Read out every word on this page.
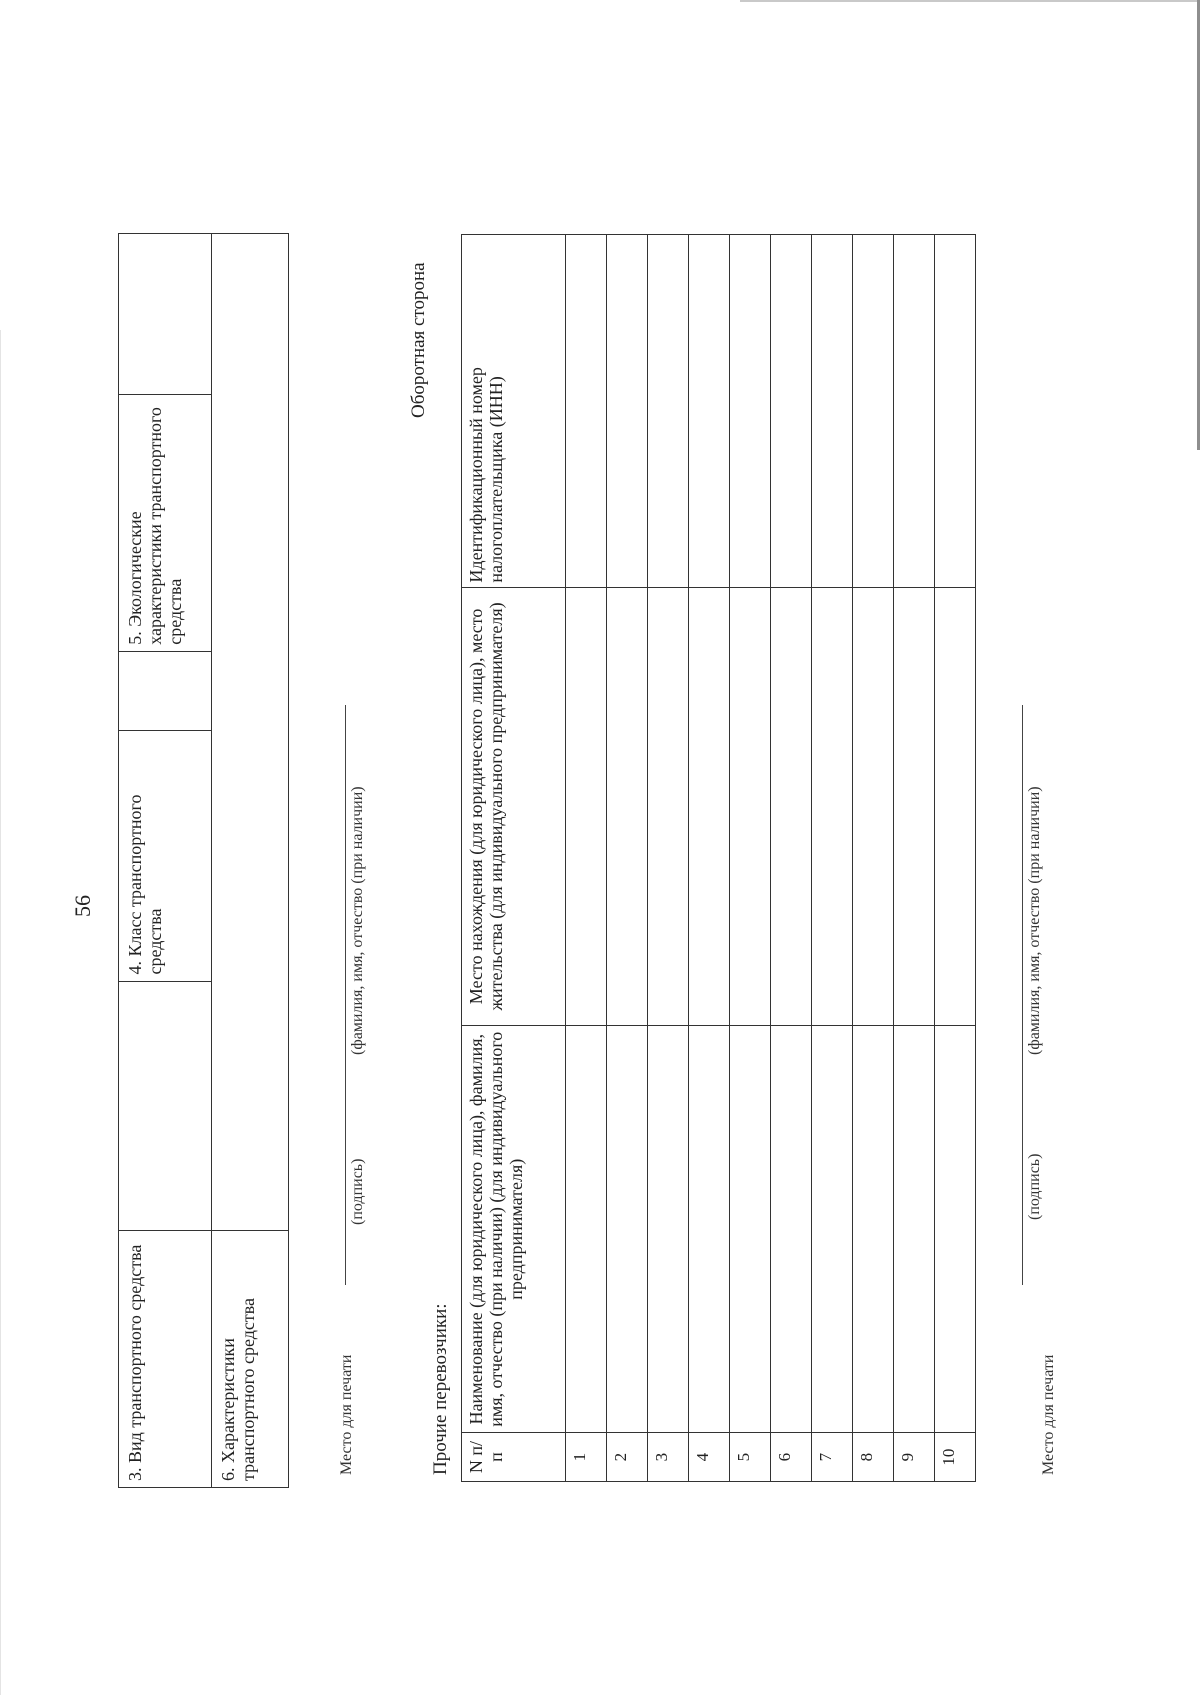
56
3. Вид транспортного средства		4. Класс транспортного средства		5. Экологические характеристики транспортного средства	
6. Характеристики транспортного средства						Место для печати
(подпись)
(фамилия, имя, отчество (при наличии)
Оборотная сторона
Прочие перевозчики: N п/п	Наименование (для юридического лица), фамилия, имя, отчество (при наличии) (для индивидуального предпринимателя)	Место нахождения (для юридического лица), место жительства (для индивидуального предпринимателя)	Идентификационный номер налогоплательщика (ИНН)
1			
2			
3			
4			
5			
6			
7			
8			
9			
10				Место для печати
(подпись)
(фамилия, имя, отчество (при наличии)
